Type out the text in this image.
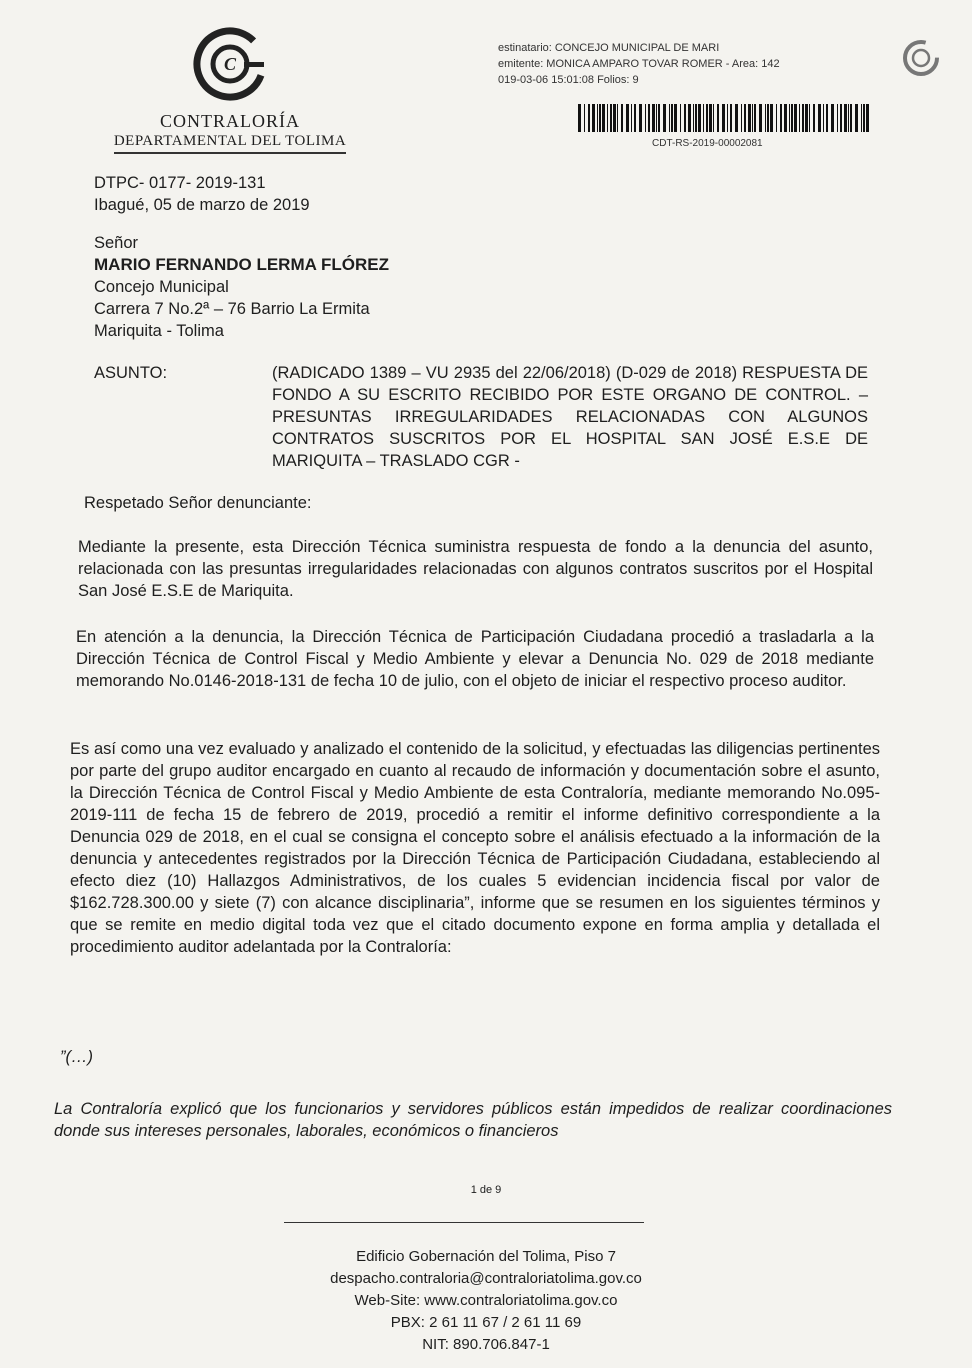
C
CONTRALORÍA
DEPARTAMENTAL DEL TOLIMA
estinatario: CONCEJO MUNICIPAL DE MARI
emitente: MONICA AMPARO TOVAR ROMER - Area: 142
019-03-06 15:01:08 Folios: 9
CDT-RS-2019-00002081
DTPC- 0177- 2019-131
Ibagué, 05 de marzo de 2019
Señor
MARIO FERNANDO LERMA FLÓREZ
Concejo Municipal
Carrera 7 No.2ª – 76 Barrio La Ermita
Mariquita - Tolima
ASUNTO:	(RADICADO 1389 – VU 2935 del 22/06/2018) (D-029 de 2018) RESPUESTA DE FONDO A SU ESCRITO RECIBIDO POR ESTE ORGANO DE CONTROL. – PRESUNTAS IRREGULARIDADES RELACIONADAS CON ALGUNOS CONTRATOS SUSCRITOS POR EL HOSPITAL SAN JOSÉ E.S.E DE MARIQUITA – TRASLADO CGR -
Respetado Señor denunciante:
Mediante la presente, esta Dirección Técnica suministra respuesta de fondo a la denuncia del asunto, relacionada con las presuntas irregularidades relacionadas con algunos contratos suscritos por el Hospital San José E.S.E de Mariquita.
En atención a la denuncia, la Dirección Técnica de Participación Ciudadana procedió a trasladarla a la Dirección Técnica de Control Fiscal y Medio Ambiente y elevar a Denuncia No. 029 de 2018 mediante memorando No.0146-2018-131 de fecha 10 de julio, con el objeto de iniciar el respectivo proceso auditor.
Es así como una vez evaluado y analizado el contenido de la solicitud, y efectuadas las diligencias pertinentes por parte del grupo auditor encargado en cuanto al recaudo de información y documentación sobre el asunto, la Dirección Técnica de Control Fiscal y Medio Ambiente de esta Contraloría, mediante memorando No.095-2019-111 de fecha 15 de febrero de 2019, procedió a remitir el informe definitivo correspondiente a la Denuncia 029 de 2018, en el cual se consigna el concepto sobre el análisis efectuado a la información de la denuncia y antecedentes registrados por la Dirección Técnica de Participación Ciudadana, estableciendo al efecto diez (10) Hallazgos Administrativos, de los cuales 5 evidencian incidencia fiscal por valor de $162.728.300.00 y siete (7) con alcance disciplinaria”, informe que se resumen en los siguientes términos y que se remite en medio digital toda vez que el citado documento expone en forma amplia y detallada el procedimiento auditor adelantada por la Contraloría:
”(…)
La Contraloría explicó que los funcionarios y servidores públicos están impedidos de realizar coordinaciones donde sus intereses personales, laborales, económicos o financieros
1 de 9
Edificio Gobernación del Tolima, Piso 7
despacho.contraloria@contraloriatolima.gov.co
Web-Site: www.contraloriatolima.gov.co
PBX: 2 61 11 67 / 2 61 11 69
NIT: 890.706.847-1
